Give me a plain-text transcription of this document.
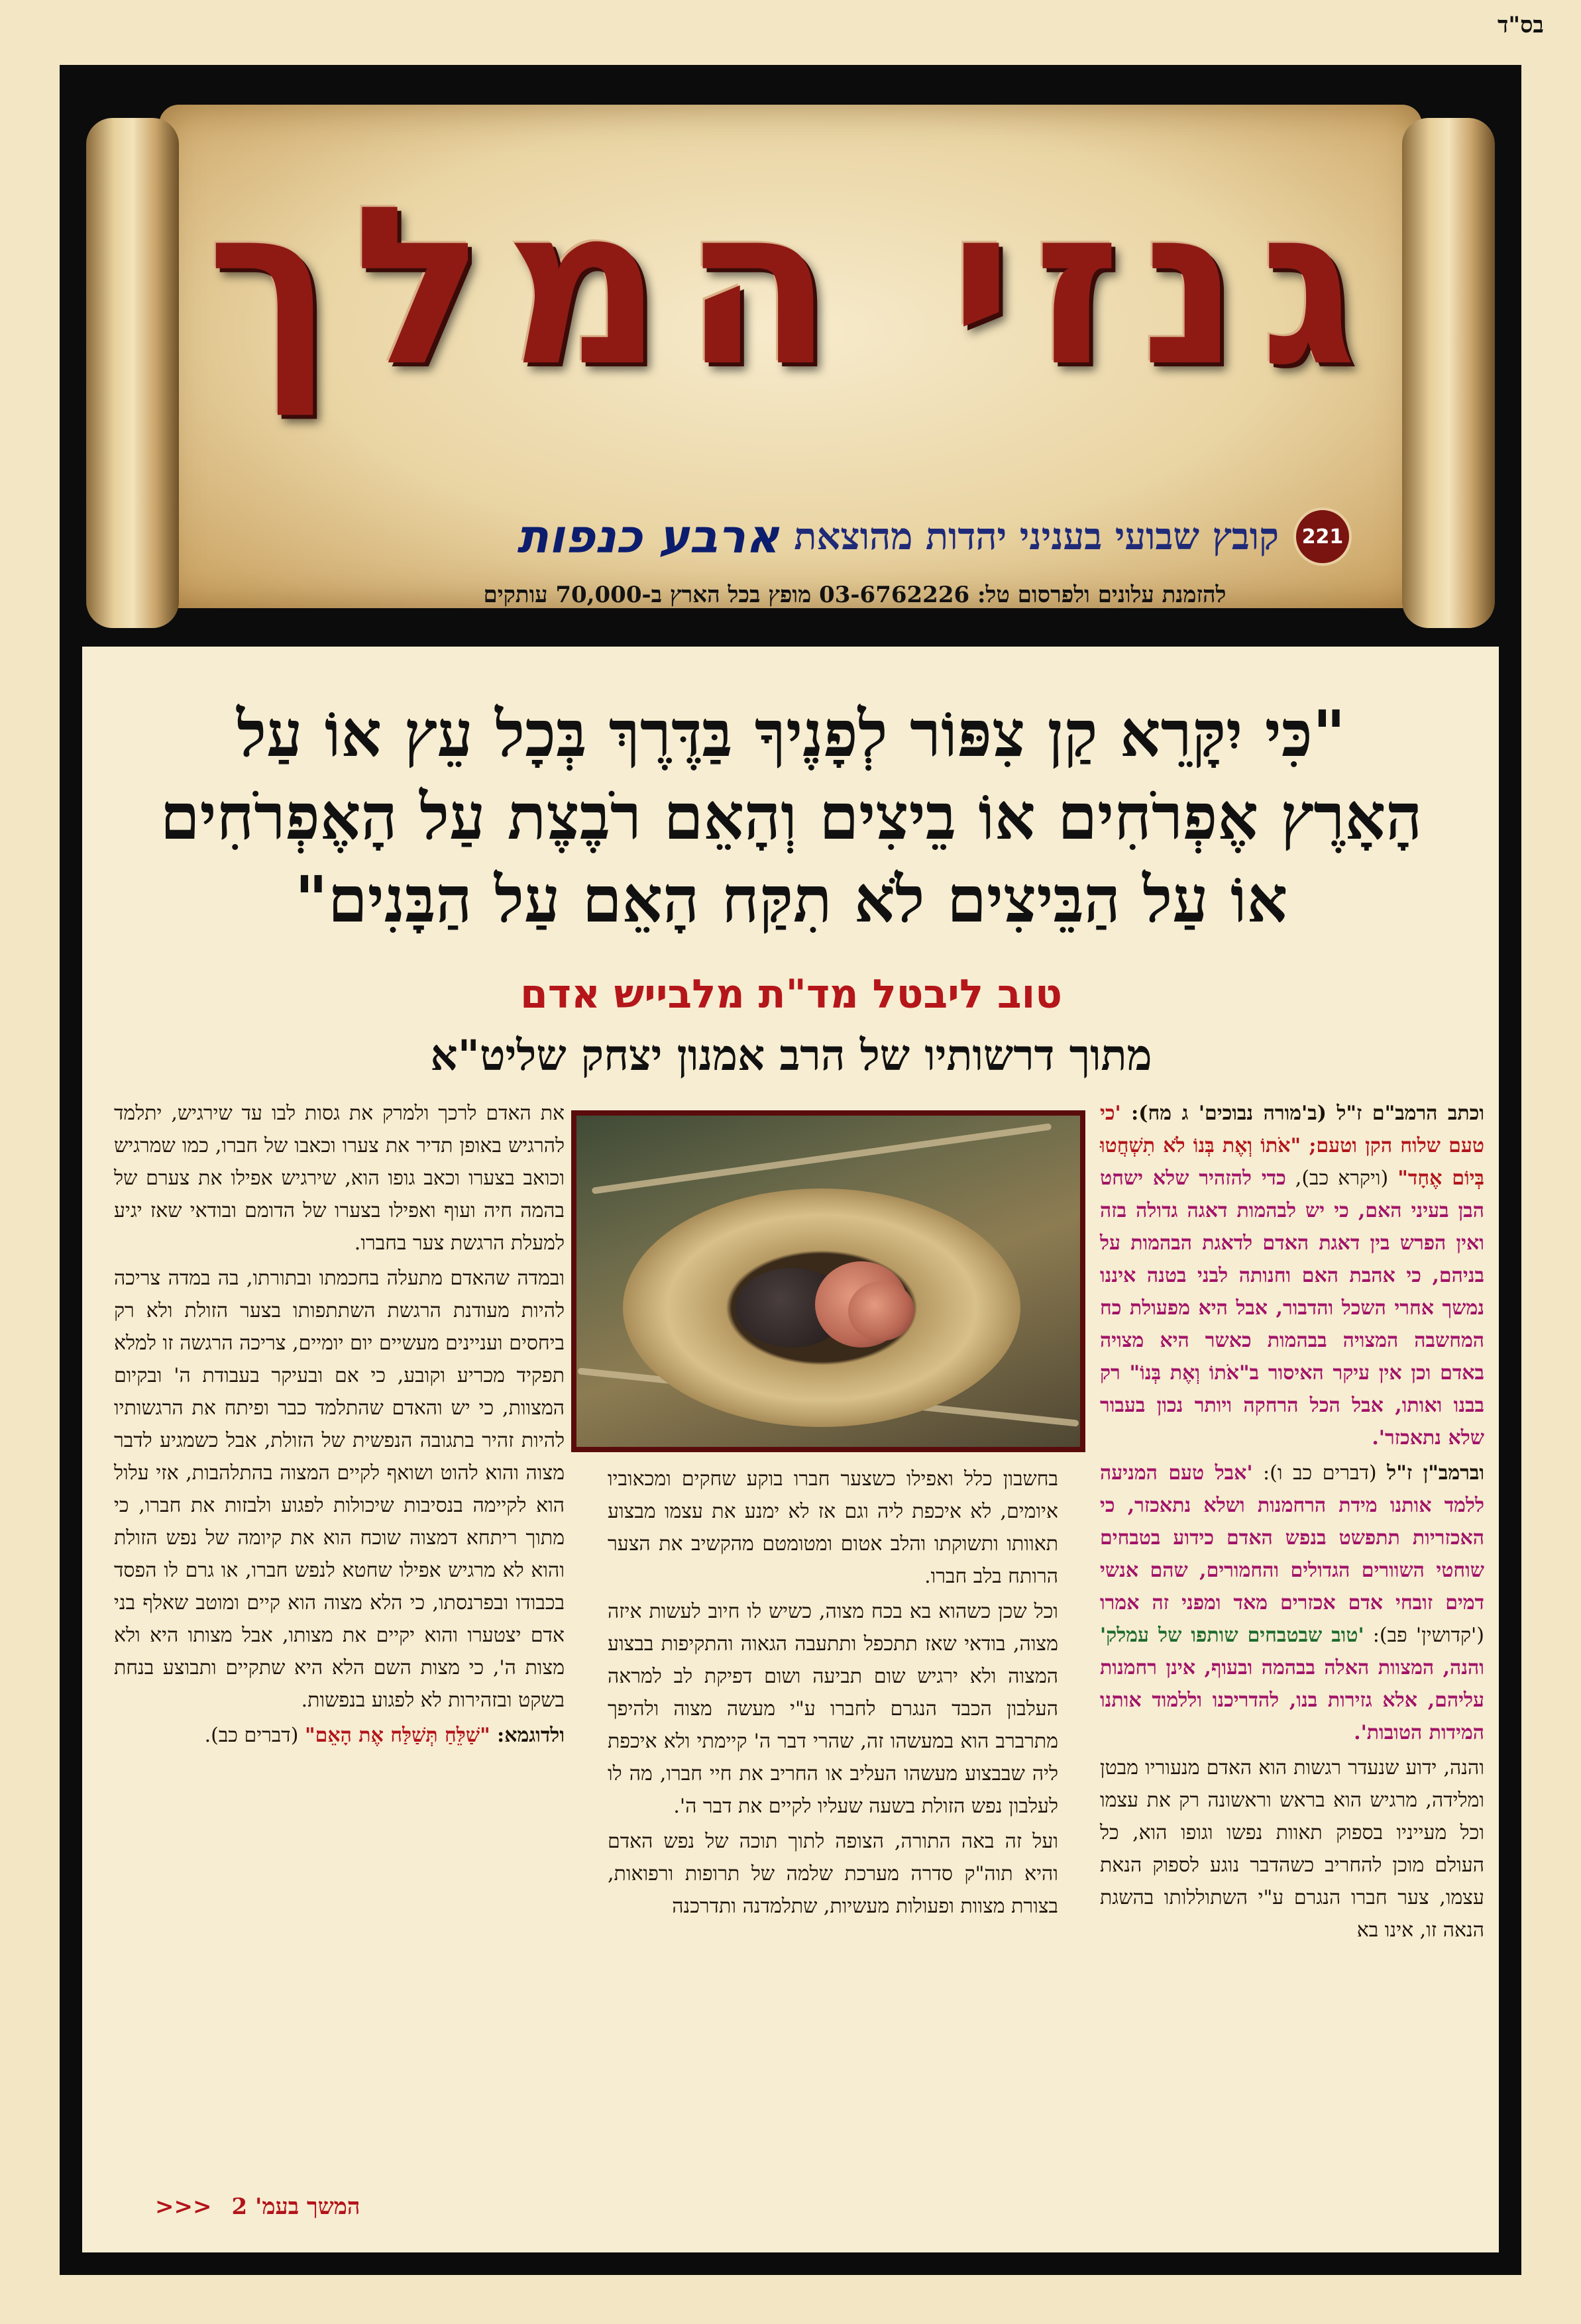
בס"ד
גנזי המלך
221
קובץ שבועי בעניני יהדות מהוצאת
ארבע כנפות
להזמנת עלונים ולפרסום טל: 03-6762226 מופץ בכל הארץ ב-70,000 עותקים
"כִּי יִקָּרֵא קַן צִפּוֹר לְפָנֶיךָ בַּדֶּרֶךְ בְּכָל עֵץ אוֹ עַל
הָאָרֶץ אֶפְרֹחִים אוֹ בֵיצִים וְהָאֵם רֹבֶצֶת עַל הָאֶפְרֹחִים
אוֹ עַל הַבֵּיצִים לֹא תִקַּח הָאֵם עַל הַבָּנִים"
טוב ליבטל מד"ת מלבייש אדם
מתוך דרשותיו של הרב אמנון יצחק שליט"א

וכתב הרמב"ם ז"ל (ב'מורה נבוכים' ג מח): 'כי טעם שלוח הקן וטעם; "אֹתוֹ וְאֶת בְּנוֹ לֹא תִשְׁחֲטוּ בְּיוֹם אֶחָד" (ויקרא כב), כדי להזהיר שלא ישחט הבן בעיני האם, כי יש לבהמות דאגה גדולה בזה ואין הפרש בין דאגת האדם לדאגת הבהמות על בניהם, כי אהבת האם וחנותה לבני בטנה איננו נמשך אחרי השכל והדבור, אבל היא מפעולת כח המחשבה המצויה בבהמות כאשר היא מצויה באדם וכן אין עיקר האיסור ב"אֹתוֹ וְאֶת בְּנוֹ" רק בבנו ואותו, אבל הכל הרחקה ויותר נכון בעבור שלא נתאכזר'.

וברמב"ן ז"ל (דברים כב ו): 'אבל טעם המניעה ללמד אותנו מידת הרחמנות ושלא נתאכזר, כי האכזריות תתפשט בנפש האדם כידוע בטבחים שוחטי השוורים הגדולים והחמורים, שהם אנשי דמים זובחי אדם אכזרים מאד ומפני זה אמרו ('קדושין' פב): 'טוב שבטבחים שותפו של עמלק' והנה, המצוות האלה בבהמה ובעוף, אינן רחמנות עליהם, אלא גזירות בנו, להדריכנו וללמוד אותנו המידות הטובות'.

והנה, ידוע שנעדר רגשות הוא האדם מנעוריו מבטן ומלידה, מרגיש הוא בראש וראשונה רק את עצמו וכל מעייניו בספוק תאוות נפשו וגופו הוא, כל העולם מוכן להחריב כשהדבר נוגע לספוק הנאת עצמו, צער חברו הנגרם ע"י השתוללותו בהשגת הנאה זו, אינו בא

בחשבון כלל ואפילו כשצער חברו בוקע שחקים ומכאוביו איומים, לא איכפת ליה וגם אז לא ימנע את עצמו מבצוע תאוותו ותשוקתו והלב אטום ומטומטם מהקשיב את הצער הרותח בלב חברו.

וכל שכן כשהוא בא בכח מצוה, כשיש לו חיוב לעשות איזה מצוה, בודאי שאז תתכפל ותתעבה הגאוה והתקיפות בבצוע המצוה ולא ירגיש שום תביעה ושום דפיקת לב למראה העלבון הכבד הנגרם לחברו ע"י מעשה מצוה ולהיפך מתרברב הוא במעשהו זה, שהרי דבר ה' קיימתי ולא איכפת ליה שבבצוע מעשהו העליב או החריב את חיי חברו, מה לו לעלבון נפש הזולת בשעה שעליו לקיים את דבר ה'.

ועל זה באה התורה, הצופה לתוך תוכה של נפש האדם והיא תוה"ק סדרה מערכת שלמה של תרופות ורפואות, בצורת מצוות ופעולות מעשיות, שתלמדנה ותדרכנה

את האדם לרכך ולמרק את גסות לבו עד שירגיש, יתלמד להרגיש באופן תדיר את צערו וכאבו של חברו, כמו שמרגיש וכואב בצערו וכאב גופו הוא, שירגיש אפילו את צערם של בהמה חיה ועוף ואפילו בצערו של הדומם ובודאי שאז יגיע למעלת הרגשת צער בחברו.

ובמדה שהאדם מתעלה בחכמתו ובתורתו, בה במדה צריכה להיות מעודנת הרגשת השתתפותו בצער הזולת ולא רק ביחסים ועניינים מעשיים יום יומיים, צריכה הרגשה זו למלא תפקיד מכריע וקובע, כי אם ובעיקר בעבודת ה' ובקיום המצוות, כי יש והאדם שהתלמד כבר ופיתח את הרגשותיו להיות זהיר בתגובה הנפשית של הזולת, אבל כשמגיע לדבר מצוה והוא להוט ושואף לקיים המצוה בהתלהבות, אזי עלול הוא לקיימה בנסיבות שיכולות לפגוע ולבזות את חברו, כי מתוך ריתחא דמצוה שוכח הוא את קיומה של נפש הזולת והוא לא מרגיש אפילו שחטא לנפש חברו, או גרם לו הפסד בכבודו ובפרנסתו, כי הלא מצוה הוא קיים ומוטב שאלף בני אדם יצטערו והוא יקיים את מצותו, אבל מצותו היא ולא מצות ה', כי מצות השם הלא היא שתקיים ותבוצע בנחת בשקט ובזהירות לא לפגוע בנפשות.

ולדוגמא: "שַׁלֵּחַ תְּשַׁלַּח אֶת הָאֵם" (דברים כב).

המשך בעמ' 2
<<<
